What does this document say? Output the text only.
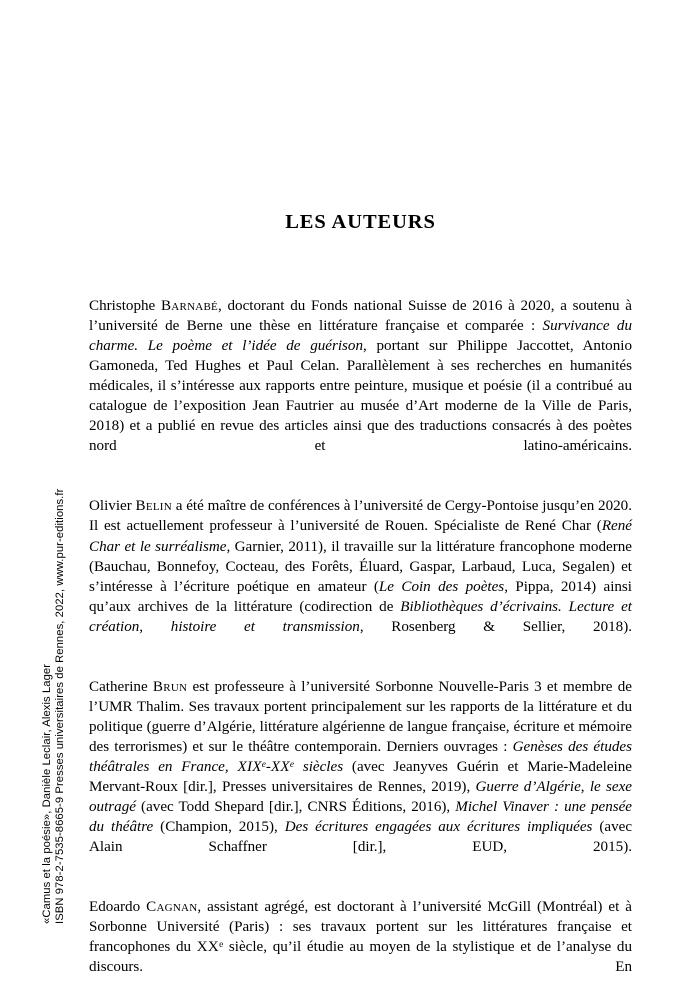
«Camus et la poésie», Danièle Leclair, Alexis Lager ISBN 978-2-7535-8665-9 Presses universitaires de Rennes, 2022, www.pur-editions.fr
LES AUTEURS

Christophe Barnabé, doctorant du Fonds national Suisse de 2016 à 2020, a soutenu à l’université de Berne une thèse en littérature française et comparée : Survivance du charme. Le poème et l’idée de guérison, portant sur Philippe Jaccottet, Antonio Gamoneda, Ted Hughes et Paul Celan. Parallèlement à ses recherches en humanités médicales, il s’intéresse aux rapports entre peinture, musique et poésie (il a contribué au catalogue de l’exposition Jean Fautrier au musée d’Art moderne de la Ville de Paris, 2018) et a publié en revue des articles ainsi que des traductions consacrés à des poètes nord et latino-américains.

Olivier Belin a été maître de conférences à l’université de Cergy-Pontoise jusqu’en 2020. Il est actuellement professeur à l’université de Rouen. Spécialiste de René Char (René Char et le surréalisme, Garnier, 2011), il travaille sur la littérature francophone moderne (Bauchau, Bonnefoy, Cocteau, des Forêts, Éluard, Gaspar, Larbaud, Luca, Segalen) et s’intéresse à l’écriture poétique en amateur (Le Coin des poètes, Pippa, 2014) ainsi qu’aux archives de la littérature (codirection de Bibliothèques d’écrivains. Lecture et création, histoire et transmission, Rosenberg & Sellier, 2018).

Catherine Brun est professeure à l’université Sorbonne Nouvelle-Paris 3 et membre de l’UMR Thalim. Ses travaux portent principalement sur les rapports de la littérature et du politique (guerre d’Algérie, littérature algérienne de langue française, écriture et mémoire des terrorismes) et sur le théâtre contemporain. Derniers ouvrages : Genèses des études théâtrales en France, XIXe-XXe siècles (avec Jeanyves Guérin et Marie-Madeleine Mervant-Roux [dir.], Presses universitaires de Rennes, 2019), Guerre d’Algérie, le sexe outragé (avec Todd Shepard [dir.], CNRS Éditions, 2016), Michel Vinaver : une pensée du théâtre (Champion, 2015), Des écritures engagées aux écritures impliquées (avec Alain Schaffner [dir.], EUD, 2015).

Edoardo Cagnan, assistant agrégé, est doctorant à l’université McGill (Montréal) et à Sorbonne Université (Paris) : ses travaux portent sur les littératures française et francophones du XXe siècle, qu’il étudie au moyen de la stylistique et de l’analyse du discours. En
